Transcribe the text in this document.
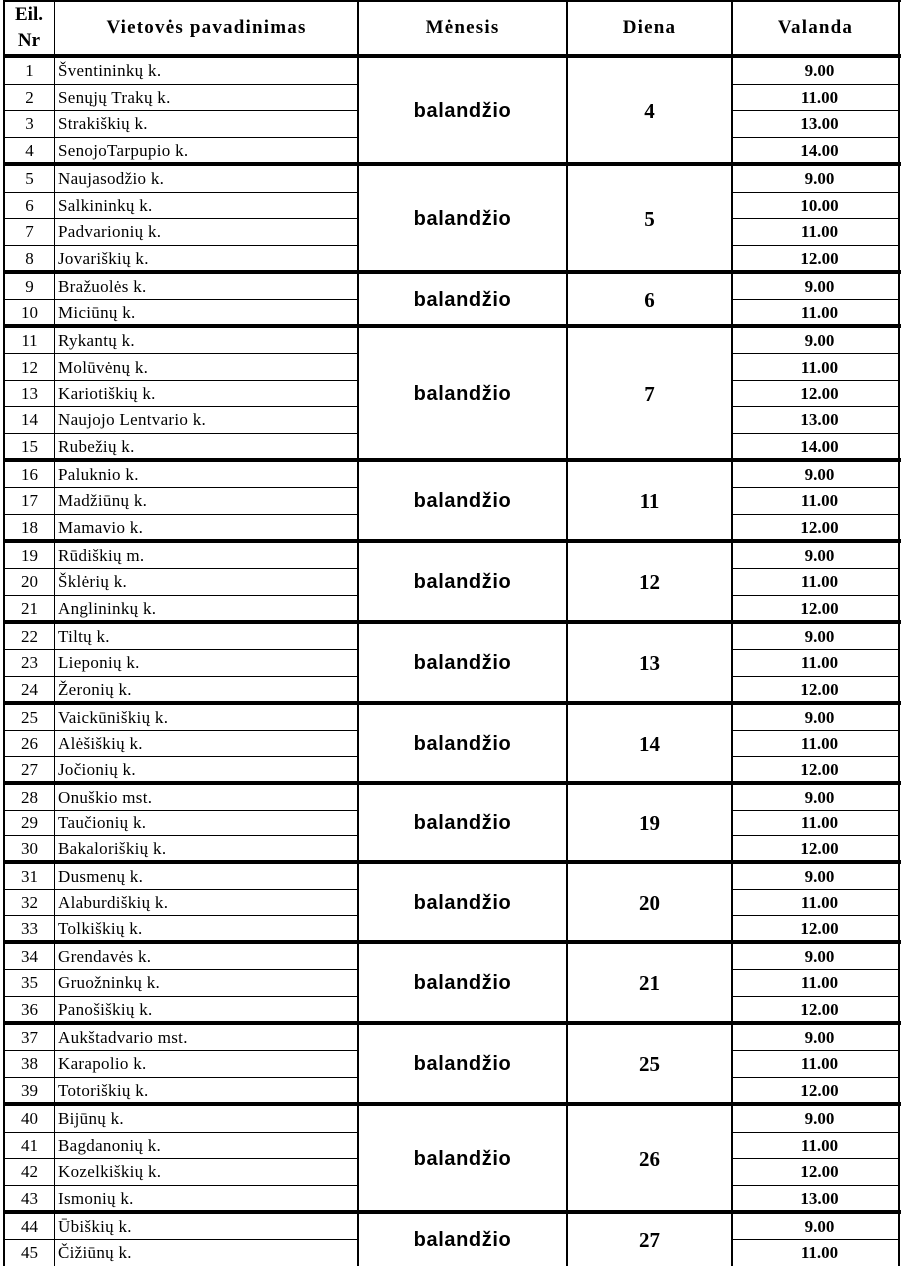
Eil.
Nr
Vietovės pavadinimas	Mėnesis	Diena	Valanda
1	Šventininkų k.	9.00
2	Senųjų Trakų k.	11.00
3	Strakiškių k.	13.00
4	SenojoTarpupio k.	14.00
balandžio	4
5	Naujasodžio k.	9.00
6	Salkininkų k.	10.00
7	Padvarionių k.	11.00
8	Jovariškių k.	12.00
balandžio	5
9	Bražuolės k.	9.00
10	Miciūnų k.	11.00
balandžio	6
11	Rykantų k.	9.00
12	Molūvėnų k.	11.00
13	Kariotiškių k.	12.00
14	Naujojo Lentvario k.	13.00
15	Rubežių k.	14.00
balandžio	7
16	Paluknio k.	9.00
17	Madžiūnų k.	11.00
18	Mamavio k.	12.00
balandžio	11
19	Rūdiškių m.	9.00
20	Šklėrių k.	11.00
21	Anglininkų k.	12.00
balandžio	12
22	Tiltų k.	9.00
23	Lieponių k.	11.00
24	Žeronių k.	12.00
balandžio	13
25	Vaickūniškių k.	9.00
26	Alėšiškių k.	11.00
27	Jočionių k.	12.00
balandžio	14
28	Onuškio mst.	9.00
29	Taučionių k.	11.00
30	Bakaloriškių k.	12.00
balandžio	19
31	Dusmenų k.	9.00
32	Alaburdiškių k.	11.00
33	Tolkiškių k.	12.00
balandžio	20
34	Grendavės k.	9.00
35	Gruožninkų k.	11.00
36	Panošiškių k.	12.00
balandžio	21
37	Aukštadvario mst.	9.00
38	Karapolio k.	11.00
39	Totoriškių k.	12.00
balandžio	25
40	Bijūnų k.	9.00
41	Bagdanonių k.	11.00
42	Kozelkiškių k.	12.00
43	Ismonių k.	13.00
balandžio	26
44	Ūbiškių k.	9.00
45	Čižiūnų k.	11.00
balandžio	27
